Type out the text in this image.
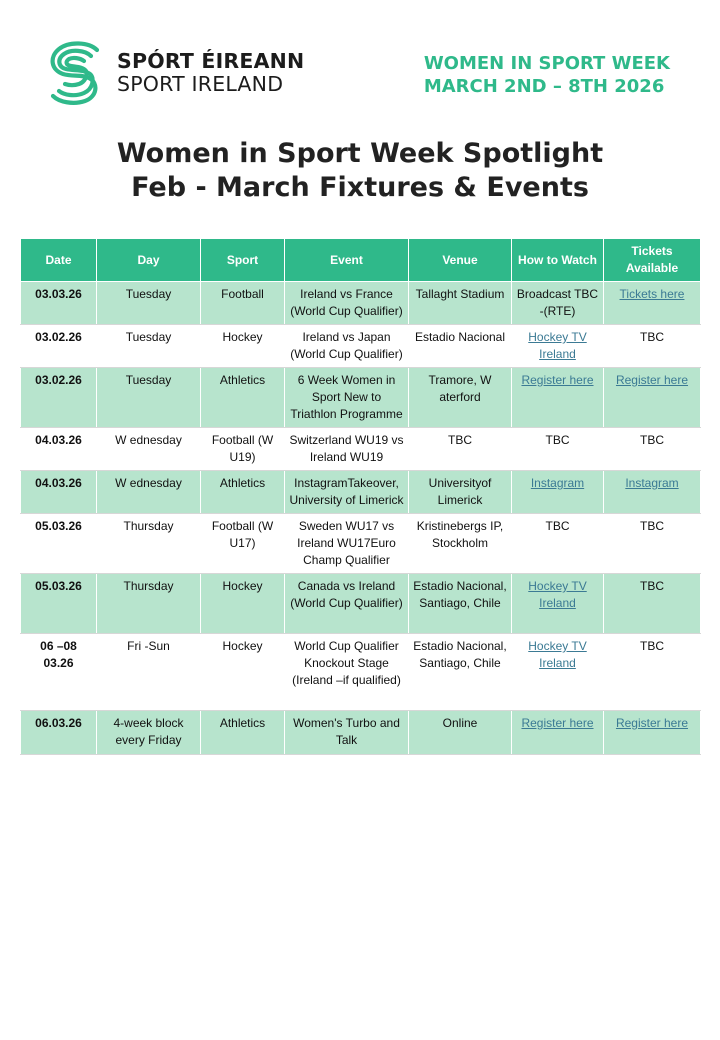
SPÓRT ÉIREANN
SPORT IRELAND
WOMEN IN SPORT WEEK
MARCH 2ND – 8TH 2026
Women in Sport Week Spotlight
Feb - March Fixtures & Events
Date	Day	Sport	Event	Venue	How to Watch	Tickets Available
03.03.26	Tuesday	Football	Ireland vs France (World Cup Qualifier)	Tallaght Stadium	Broadcast TBC -(RTE)	Tickets here
03.02.26	Tuesday	Hockey	Ireland vs Japan (World Cup Qualifier)	Estadio Nacional	Hockey TV Ireland	TBC
03.02.26	Tuesday	Athletics	6 Week Women in Sport New to Triathlon Programme	Tramore, W aterford	Register here	Register here
04.03.26	W ednesday	Football (W U19)	Switzerland WU19 vs Ireland WU19	TBC	TBC	TBC
04.03.26	W ednesday	Athletics	InstagramTakeover, University of Limerick	Universityof Limerick	Instagram	Instagram
05.03.26	Thursday	Football (W U17)	Sweden WU17 vs Ireland WU17Euro Champ Qualifier	Kristinebergs IP, Stockholm	TBC	TBC
05.03.26	Thursday	Hockey	Canada vs Ireland (World Cup Qualifier)	Estadio Nacional, Santiago, Chile	Hockey TV Ireland	TBC
06 –08 03.26	Fri -Sun	Hockey	World Cup Qualifier Knockout Stage (Ireland –if qualified)	Estadio Nacional, Santiago, Chile	Hockey TV Ireland	TBC
06.03.26	4-week block every Friday	Athletics	Women's Turbo and Talk	Online	Register here	Register here
